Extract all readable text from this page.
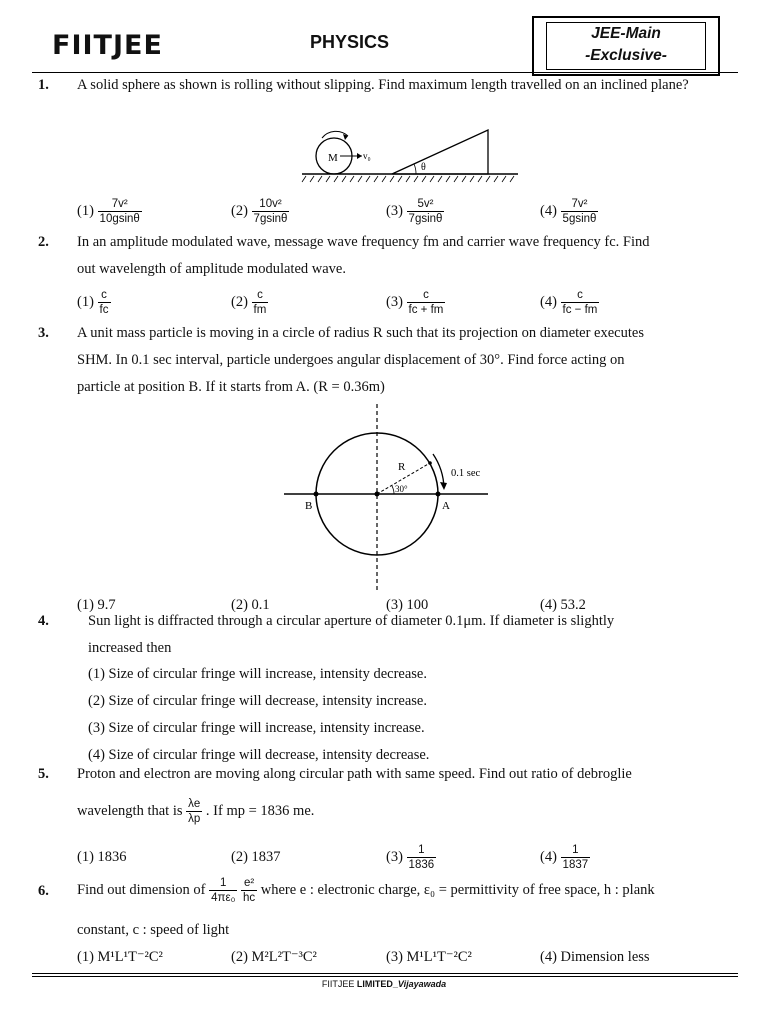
FIITJEE	PHYSICS	JEE-Main
-Exclusive-
1. A solid sphere as shown is rolling without slipping. Find maximum length travelled on an inclined plane?
M	v₀
θ
$(1) \frac{\text{7v²}}{10gsin\theta}$	$(2) \frac{\text{10v²}}{7gsin\theta}$	$(3) \frac{\text{5v²}}{7gsin\theta}$	$(4) \frac{\text{7v²}}{5gsin\theta}$
2. In an amplitude modulated wave, message wave frequency fm and carrier wave frequency fc. Find
out wavelength of amplitude modulated wave.
$(1) \frac{c}{fc}$	$(2) \frac{c}{fm}$	$(3) \frac{c}{fc + fm}$	$(4) \frac{c}{fc - fm}$
3. A unit mass particle is moving in a circle of radius R such that its projection on diameter executes
SHM. In 0.1 sec interval, particle undergoes angular displacement of 30°. Find force acting on
particle at position B. If it starts from A. (R = 0.36m)
R
30°
0.1 sec
A
B
(1) 9.7	(2) 0.1	(3) 100	(4) 53.2
4.	Sun light is diffracted through a circular aperture of diameter 0.1μm. If diameter is slightly
increased then
(1) Size of circular fringe will increase, intensity decrease.
(2) Size of circular fringe will decrease, intensity increase.
(3) Size of circular fringe will increase, intensity increase.
(4) Size of circular fringe will decrease, intensity decrease.
5. Proton and electron are moving along circular path with same speed. Find out ratio of debroglie
wavelength that is $\frac{\lambda e}{\lambda p}$ . If mp = 1836 me.
(1) 1836	(2) 1837	$(3) \frac{1}{1836}$	$(4) \frac{1}{1837}$
6. Find out dimension of $\frac{1}{\text{4πε₀}}$
$\frac{\text{e²}}{hc}$ where e : electronic charge, ε₀ = permittivity of free space, h : plank
constant, c : speed of light
(1) M¹L¹T⁻²C²	(2) M²L²T⁻³C²	(3) M¹L¹T⁻²C²	(4) Dimension less
FIITJEE LIMITED_Vijayawada
